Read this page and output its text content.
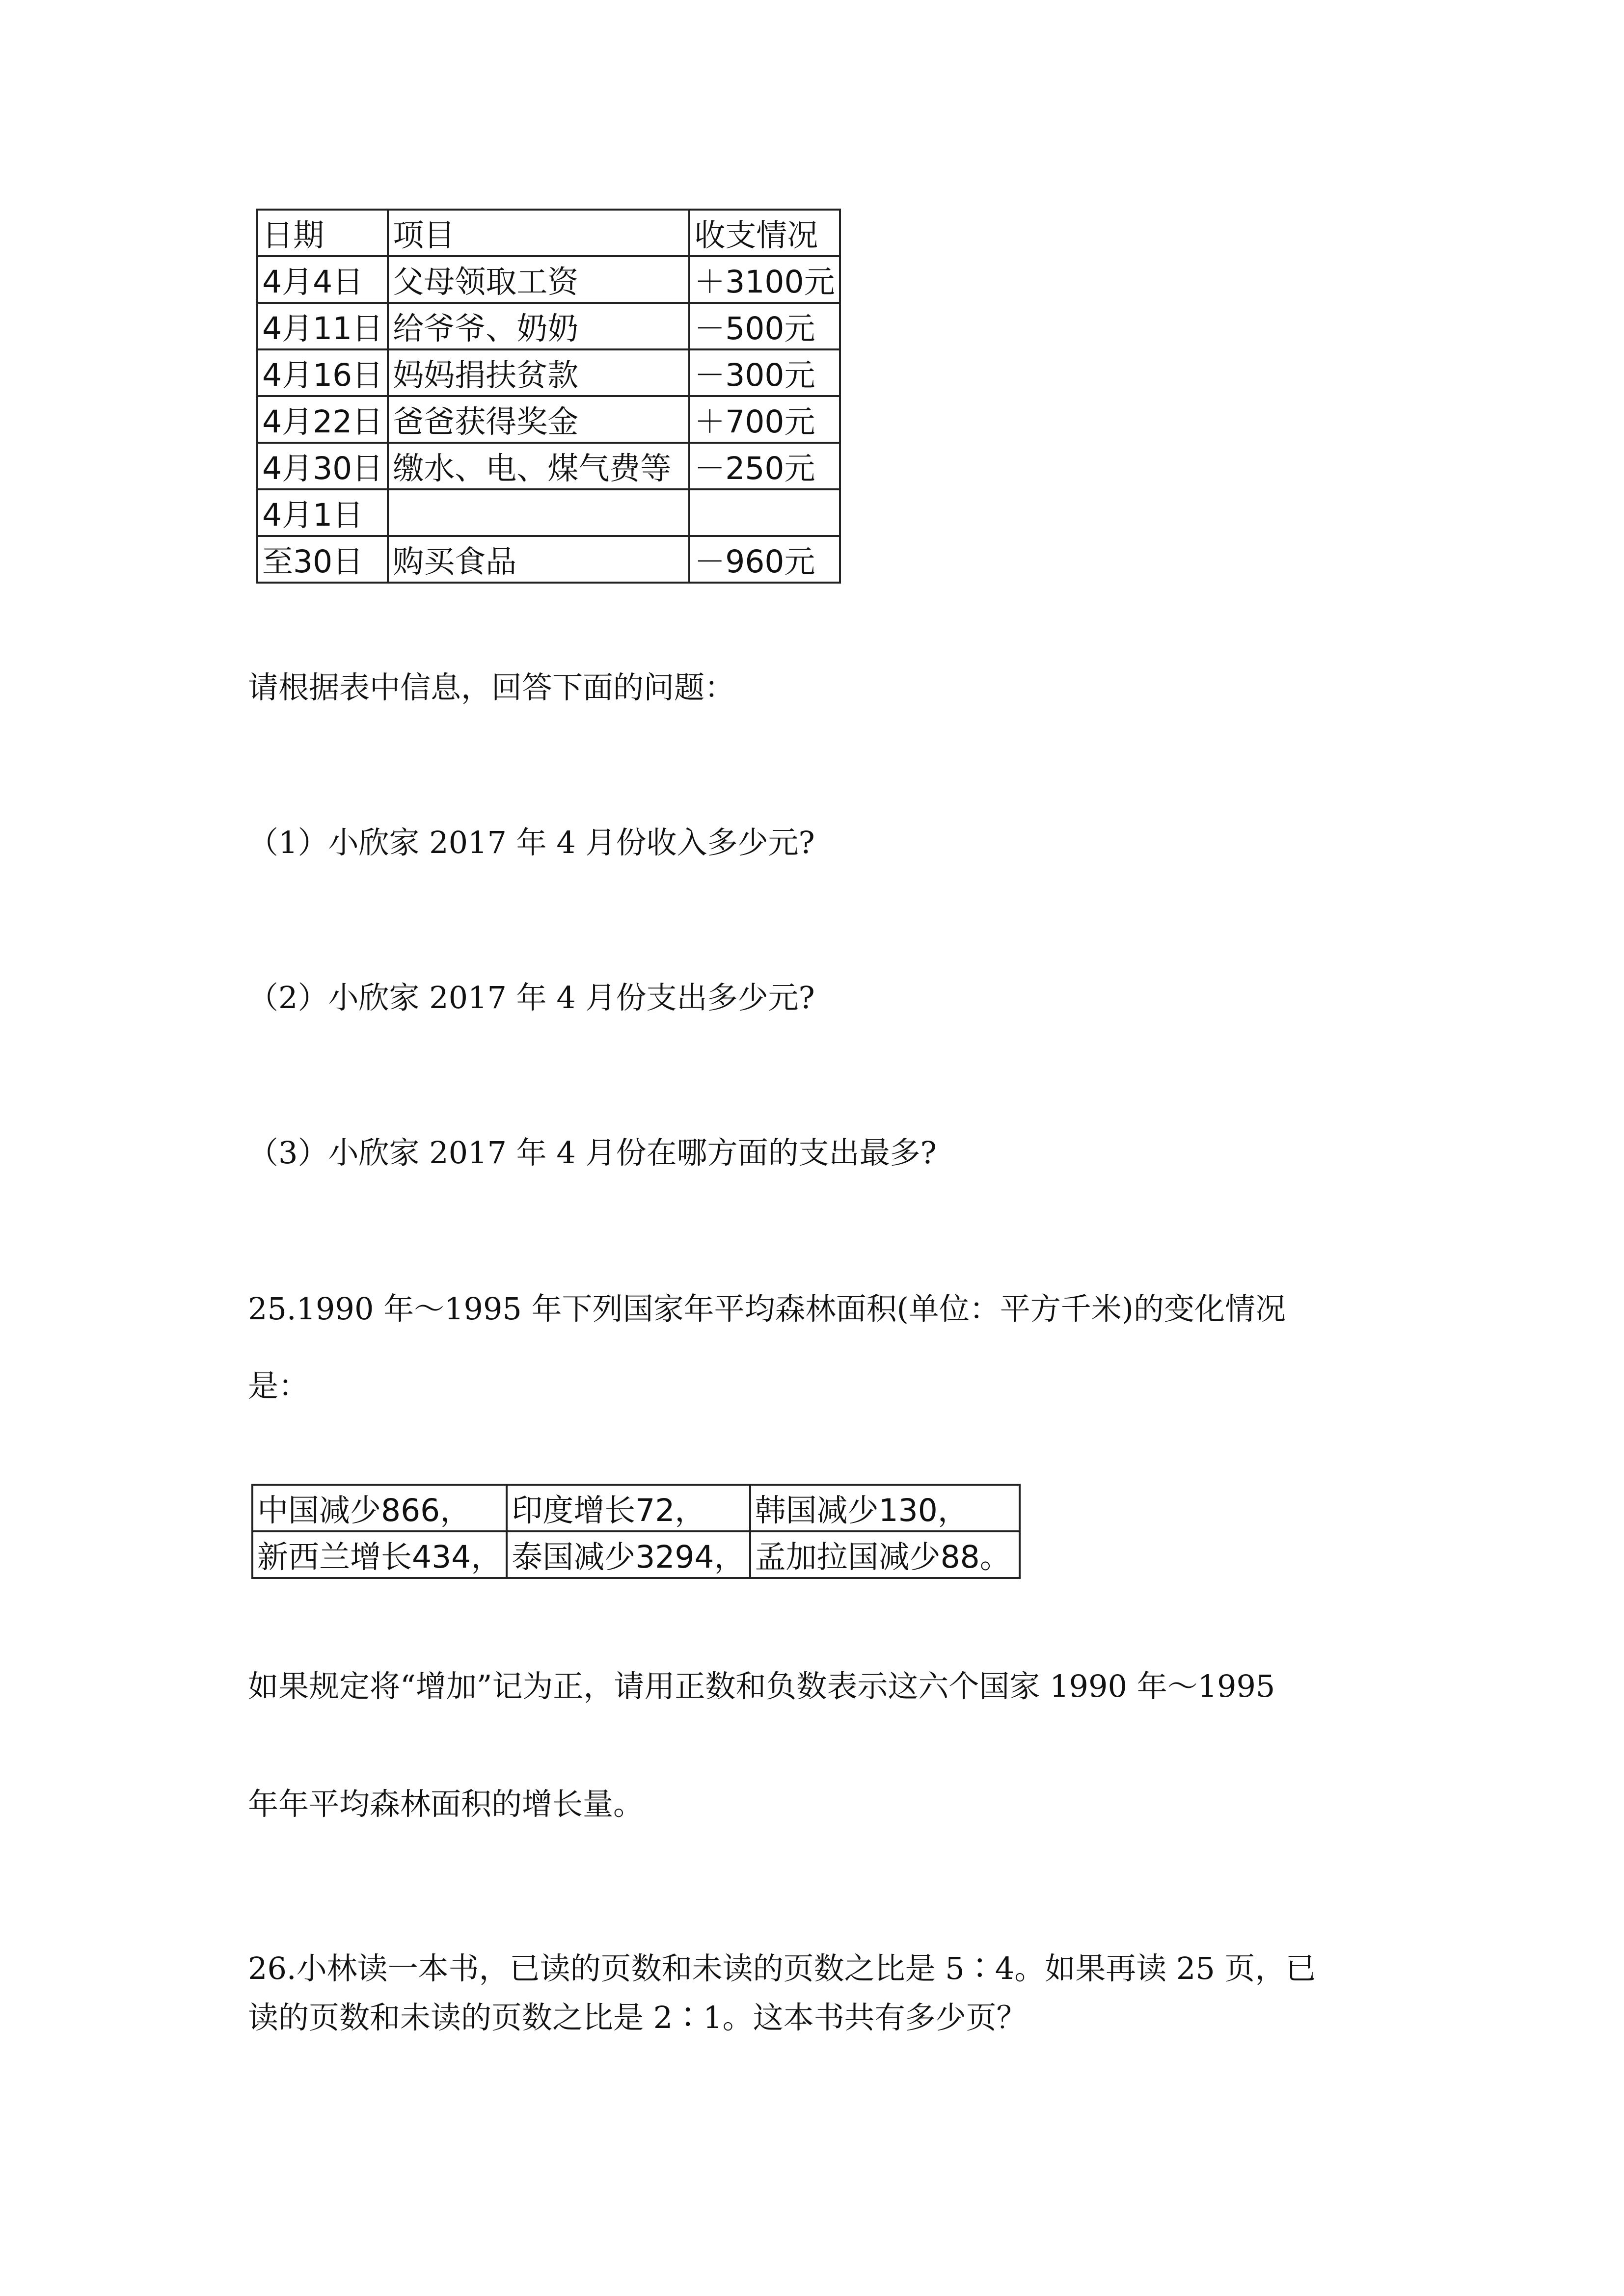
日期	项目	收支情况
4月4日	父母领取工资	＋3100元
4月11日	给爷爷、奶奶	－500元
4月16日	妈妈捐扶贫款	－300元
4月22日	爸爸获得奖金	＋700元
4月30日	缴水、电、煤气费等	－250元
4月1日		
至30日	购买食品	－960元
请根据表中信息，回答下面的问题：
（1）小欣家 2017 年 4 月份收入多少元?
（2）小欣家 2017 年 4 月份支出多少元?
（3）小欣家 2017 年 4 月份在哪方面的支出最多?
25.1990 年～1995 年下列国家年平均森林面积(单位：平方千米)的变化情况
是：
中国减少866，	印度增长72，	韩国减少130，
新西兰增长434，	泰国减少3294，	孟加拉国减少88。
如果规定将“增加”记为正，请用正数和负数表示这六个国家 1990 年～1995
年年平均森林面积的增长量。
26.小林读一本书，已读的页数和未读的页数之比是 5∶4。如果再读 25 页，已
读的页数和未读的页数之比是 2∶1。这本书共有多少页？
